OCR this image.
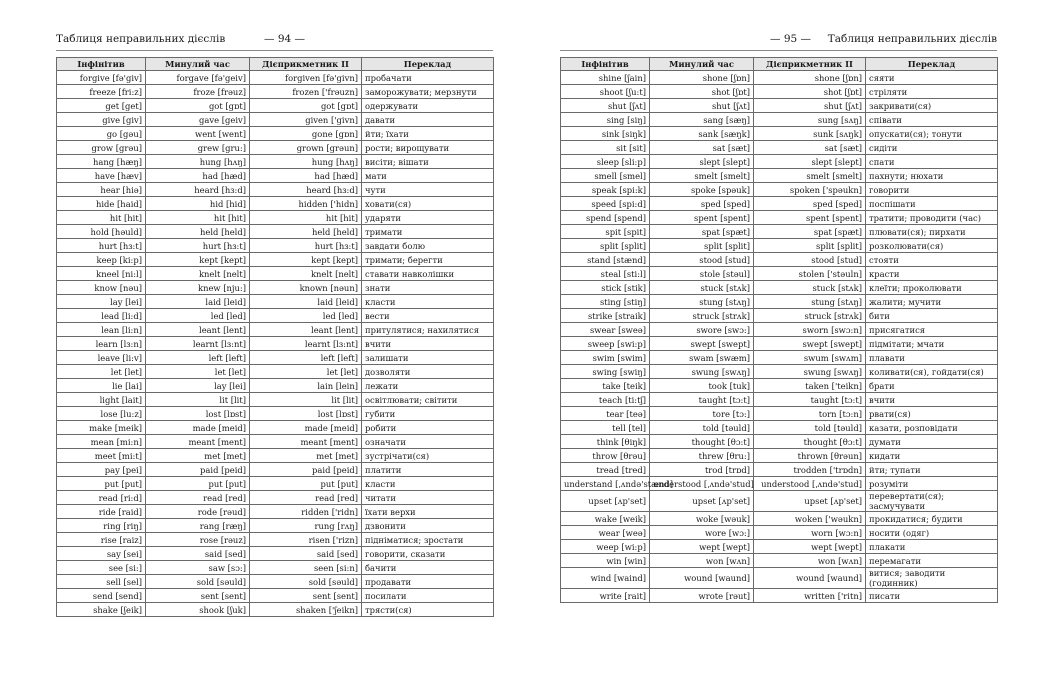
Таблиця неправильних дієслів	— 94 —
Інфінітив	Минулий час	Дієприкметник II	Переклад
forgive [fə'giv]	forgave [fə'geiv]	forgiven [fə'givn]	пробачати
freeze [fri:z]	froze [frəuz]	frozen ['frəuzn]	заморожувати; мерзнути
get [get]	got [gɒt]	got [gɒt]	одержувати
give [giv]	gave [geiv]	given ['givn]	давати
go [gəu]	went [went]	gone [gɒn]	йти; їхати
grow [grəu]	grew [gru:]	grown [grəun]	рости; вирощувати
hang [hæŋ]	hung [hʌŋ]	hung [hʌŋ]	висіти; вішати
have [hæv]	had [hæd]	had [hæd]	мати
hear [hiə]	heard [hɜ:d]	heard [hɜ:d]	чути
hide [haid]	hid [hid]	hidden ['hidn]	ховати(ся)
hit [hit]	hit [hit]	hit [hit]	ударяти
hold [həuld]	held [held]	held [held]	тримати
hurt [hɜ:t]	hurt [hɜ:t]	hurt [hɜ:t]	завдати болю
keep [ki:p]	kept [kept]	kept [kept]	тримати; берегти
kneel [ni:l]	knelt [nelt]	knelt [nelt]	ставати навколішки
know [nəu]	knew [nju:]	known [nəun]	знати
lay [lei]	laid [leid]	laid [leid]	класти
lead [li:d]	led [led]	led [led]	вести
lean [li:n]	leant [lent]	leant [lent]	притулятися; нахилятися
learn [lɜ:n]	learnt [lɜ:nt]	learnt [lɜ:nt]	вчити
leave [li:v]	left [left]	left [left]	залишати
let [let]	let [let]	let [let]	дозволяти
lie [lai]	lay [lei]	lain [lein]	лежати
light [lait]	lit [lit]	lit [lit]	освітлювати; світити
lose [lu:z]	lost [lɒst]	lost [lɒst]	губити
make [meik]	made [meid]	made [meid]	робити
mean [mi:n]	meant [ment]	meant [ment]	означати
meet [mi:t]	met [met]	met [met]	зустрічати(ся)
pay [pei]	paid [peid]	paid [peid]	платити
put [put]	put [put]	put [put]	класти
read [ri:d]	read [red]	read [red]	читати
ride [raid]	rode [rəud]	ridden ['ridn]	їхати верхи
ring [riŋ]	rang [ræŋ]	rung [rʌŋ]	дзвонити
rise [raiz]	rose [rəuz]	risen ['rizn]	підніматися; зростати
say [sei]	said [sed]	said [sed]	говорити, сказати
see [si:]	saw [sɔ:]	seen [si:n]	бачити
sell [sel]	sold [səuld]	sold [səuld]	продавати
send [send]	sent [sent]	sent [sent]	посилати
shake [ʃeik]	shook [ʃuk]	shaken ['ʃeikn]	трясти(ся)
— 95 — Таблиця неправильних дієслів
Інфінітив	Минулий час	Дієприкметник II	Переклад
shine [ʃain]	shone [ʃɒn]	shone [ʃɒn]	сяяти
shoot [ʃu:t]	shot [ʃɒt]	shot [ʃɒt]	стріляти
shut [ʃʌt]	shut [ʃʌt]	shut [ʃʌt]	закривати(ся)
sing [siŋ]	sang [sæŋ]	sung [sʌŋ]	співати
sink [siŋk]	sank [sæŋk]	sunk [sʌŋk]	опускати(ся); тонути
sit [sit]	sat [sæt]	sat [sæt]	сидіти
sleep [sli:p]	slept [slept]	slept [slept]	спати
smell [smel]	smelt [smelt]	smelt [smelt]	пахнути; нюхати
speak [spi:k]	spoke [spəuk]	spoken ['spəukn]	говорити
speed [spi:d]	sped [sped]	sped [sped]	поспішати
spend [spend]	spent [spent]	spent [spent]	тратити; проводити (час)
spit [spit]	spat [spæt]	spat [spæt]	плювати(ся); пирхати
split [split]	split [split]	split [split]	розколювати(ся)
stand [stænd]	stood [stud]	stood [stud]	стояти
steal [sti:l]	stole [stəul]	stolen ['stəuln]	красти
stick [stik]	stuck [stʌk]	stuck [stʌk]	клеїти; проколювати
sting [stiŋ]	stung [stʌŋ]	stung [stʌŋ]	жалити; мучити
strike [straik]	struck [strʌk]	struck [strʌk]	бити
swear [sweə]	swore [swɔ:]	sworn [swɔ:n]	присягатися
sweep [swi:p]	swept [swept]	swept [swept]	підмітати; мчати
swim [swim]	swam [swæm]	swum [swʌm]	плавати
swing [swiŋ]	swung [swʌŋ]	swung [swʌŋ]	коливати(ся), гойдати(ся)
take [teik]	took [tuk]	taken ['teikn]	брати
teach [ti:tʃ]	taught [tɔ:t]	taught [tɔ:t]	вчити
tear [teə]	tore [tɔ:]	torn [tɔ:n]	рвати(ся)
tell [tel]	told [təuld]	told [təuld]	казати, розповідати
think [θiŋk]	thought [θɔ:t]	thought [θɔ:t]	думати
throw [θrəu]	threw [θru:]	thrown [θrəun]	кидати
tread [tred]	trod [trɒd]	trodden ['trɒdn]	йти; тупати
understand [ˌʌndə'stænd]	understood [ˌʌndə'stud]	understood [ˌʌndə'stud]	розуміти
upset [ʌp'set]	upset [ʌp'set]	upset [ʌp'set]	перевертати(ся); засмучувати
wake [weik]	woke [wəuk]	woken ['wəukn]	прокидатися; будити
wear [weə]	wore [wɔ:]	worn [wɔ:n]	носити (одяг)
weep [wi:p]	wept [wept]	wept [wept]	плакати
win [win]	won [wʌn]	won [wʌn]	перемагати
wind [waind]	wound [waund]	wound [waund]	витися; заводити (годинник)
write [rait]	wrote [rəut]	written ['ritn]	писати
